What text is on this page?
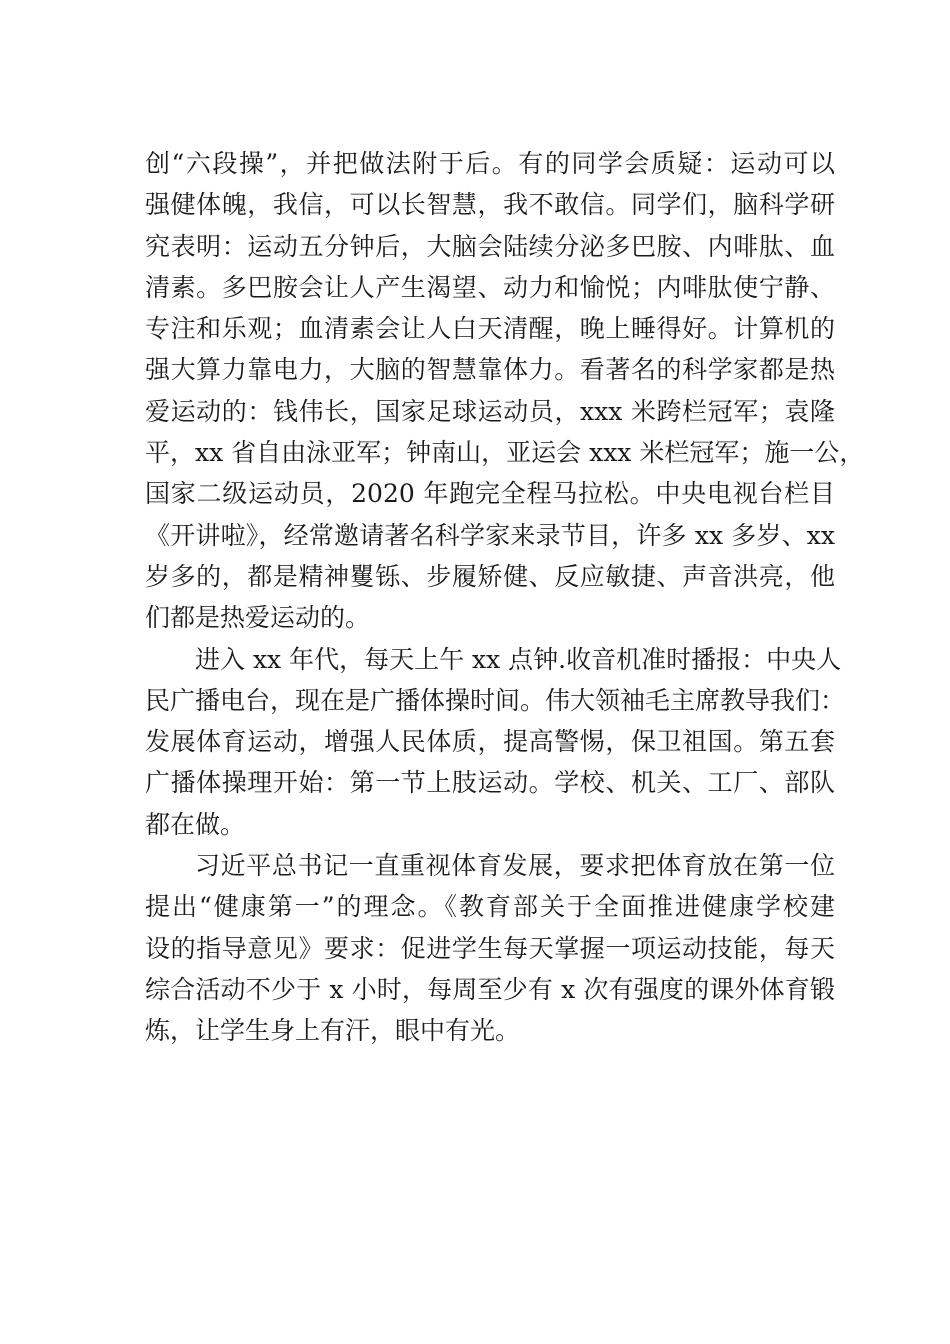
创“六段操”，并把做法附于后。有的同学会质疑：运动可以
强健体魄，我信，可以长智慧，我不敢信。同学们，脑科学研
究表明：运动五分钟后，大脑会陆续分泌多巴胺、内啡肽、血
清素。多巴胺会让人产生渴望、动力和愉悦；内啡肽使宁静、
专注和乐观；血清素会让人白天清醒，晚上睡得好。计算机的
强大算力靠电力，大脑的智慧靠体力。看著名的科学家都是热
爱运动的：钱伟长，国家足球运动员，xxx 米跨栏冠军；袁隆
平，xx 省自由泳亚军；钟南山，亚运会 xxx 米栏冠军；施一公，
国家二级运动员，2020 年跑完全程马拉松。中央电视台栏目
《开讲啦》，经常邀请著名科学家来录节目，许多 xx 多岁、xx
岁多的，都是精神矍铄、步履矫健、反应敏捷、声音洪亮，他
们都是热爱运动的。
进入 xx 年代，每天上午 xx 点钟.收音机准时播报：中央人
民广播电台，现在是广播体操时间。伟大领袖毛主席教导我们：
发展体育运动，增强人民体质，提高警惕，保卫祖国。第五套
广播体操理开始：第一节上肢运动。学校、机关、工厂、部队
都在做。
习近平总书记一直重视体育发展，要求把体育放在第一位
提出“健康第一”的理念。《教育部关于全面推进健康学校建
设的指导意见》要求：促进学生每天掌握一项运动技能，每天
综合活动不少于 x 小时，每周至少有 x 次有强度的课外体育锻
炼，让学生身上有汗，眼中有光。
